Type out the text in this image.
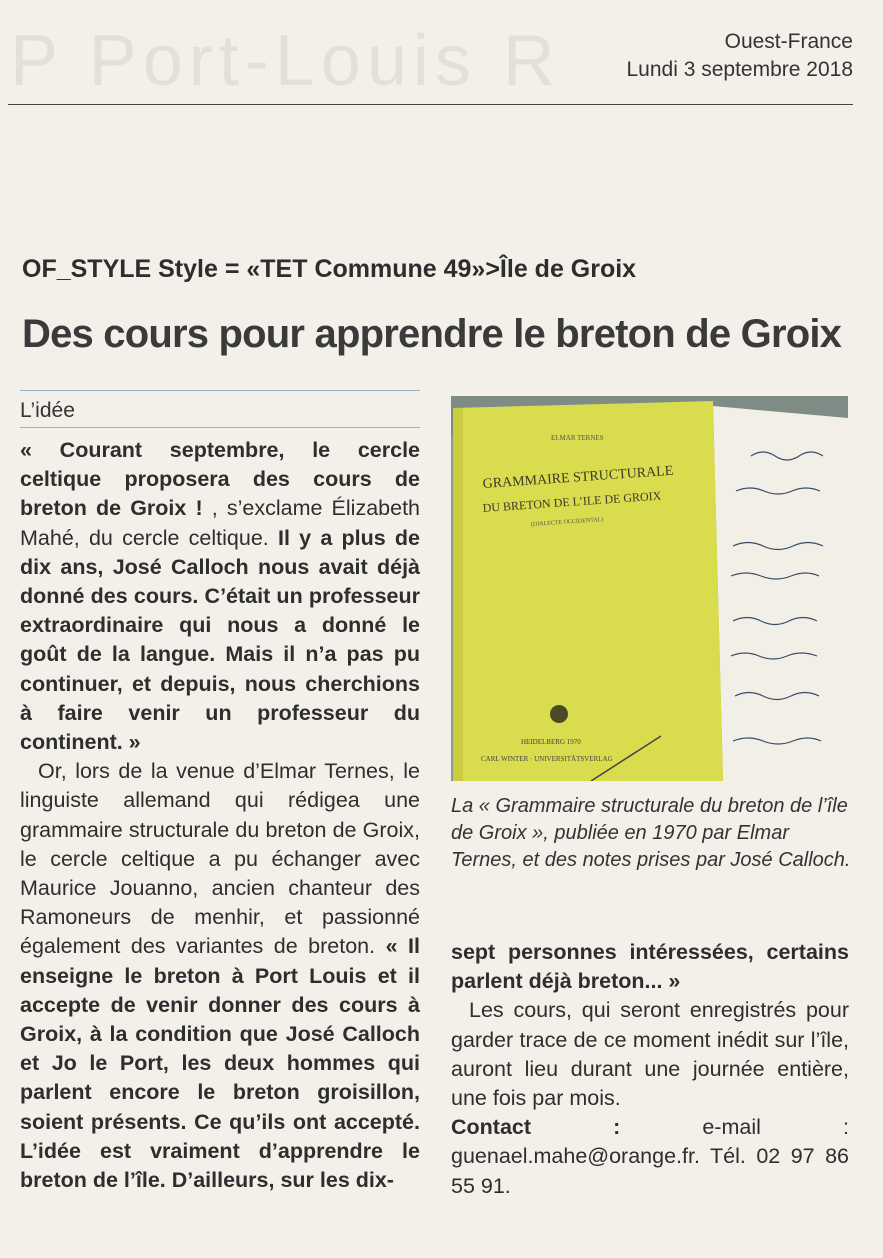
P Port-Louis R	Ouest-France
Lundi 3 septembre 2018
OF_STYLE Style = «TET Commune 49»>Île de Groix
Des cours pour apprendre le breton de Groix
L’idée

« Courant septembre, le cercle celtique proposera des cours de breton de Groix ! , s’exclame Élizabeth Mahé, du cercle celtique. Il y a plus de dix ans, José Calloch nous avait déjà donné des cours. C’était un professeur extraordinaire qui nous a donné le goût de la langue. Mais il n’a pas pu continuer, et depuis, nous cherchions à faire venir un professeur du continent. »

Or, lors de la venue d’Elmar Ternes, le linguiste allemand qui rédigea une grammaire structurale du breton de Groix, le cercle celtique a pu échanger avec Maurice Jouanno, ancien chanteur des Ramoneurs de menhir, et passionné également des variantes de breton. « Il enseigne le breton à Port Louis et il accepte de venir donner des cours à Groix, à la condition que José Calloch et Jo le Port, les deux hommes qui parlent encore le breton groisillon, soient présents. Ce qu’ils ont accepté. L’idée est vraiment d’apprendre le breton de l’île. D’ailleurs, sur les dix-

ELMAR TERNES
GRAMMAIRE STRUCTURALE
DU BRETON DE L’ILE DE GROIX
(DIALECTE OCCIDENTAL)
HEIDELBERG 1970
CARL WINTER · UNIVERSITÄTSVERLAG
La « Grammaire structurale du breton de l’île de Groix », publiée en 1970 par Elmar Ternes, et des notes prises par José Calloch.

sept personnes intéressées, certains parlent déjà breton... »

Les cours, qui seront enregistrés pour garder trace de ce moment inédit sur l’île, auront lieu durant une journée entière, une fois par mois.

Contact : e-mail : guenael.mahe@orange.fr. Tél. 02 97 86 55 91.
